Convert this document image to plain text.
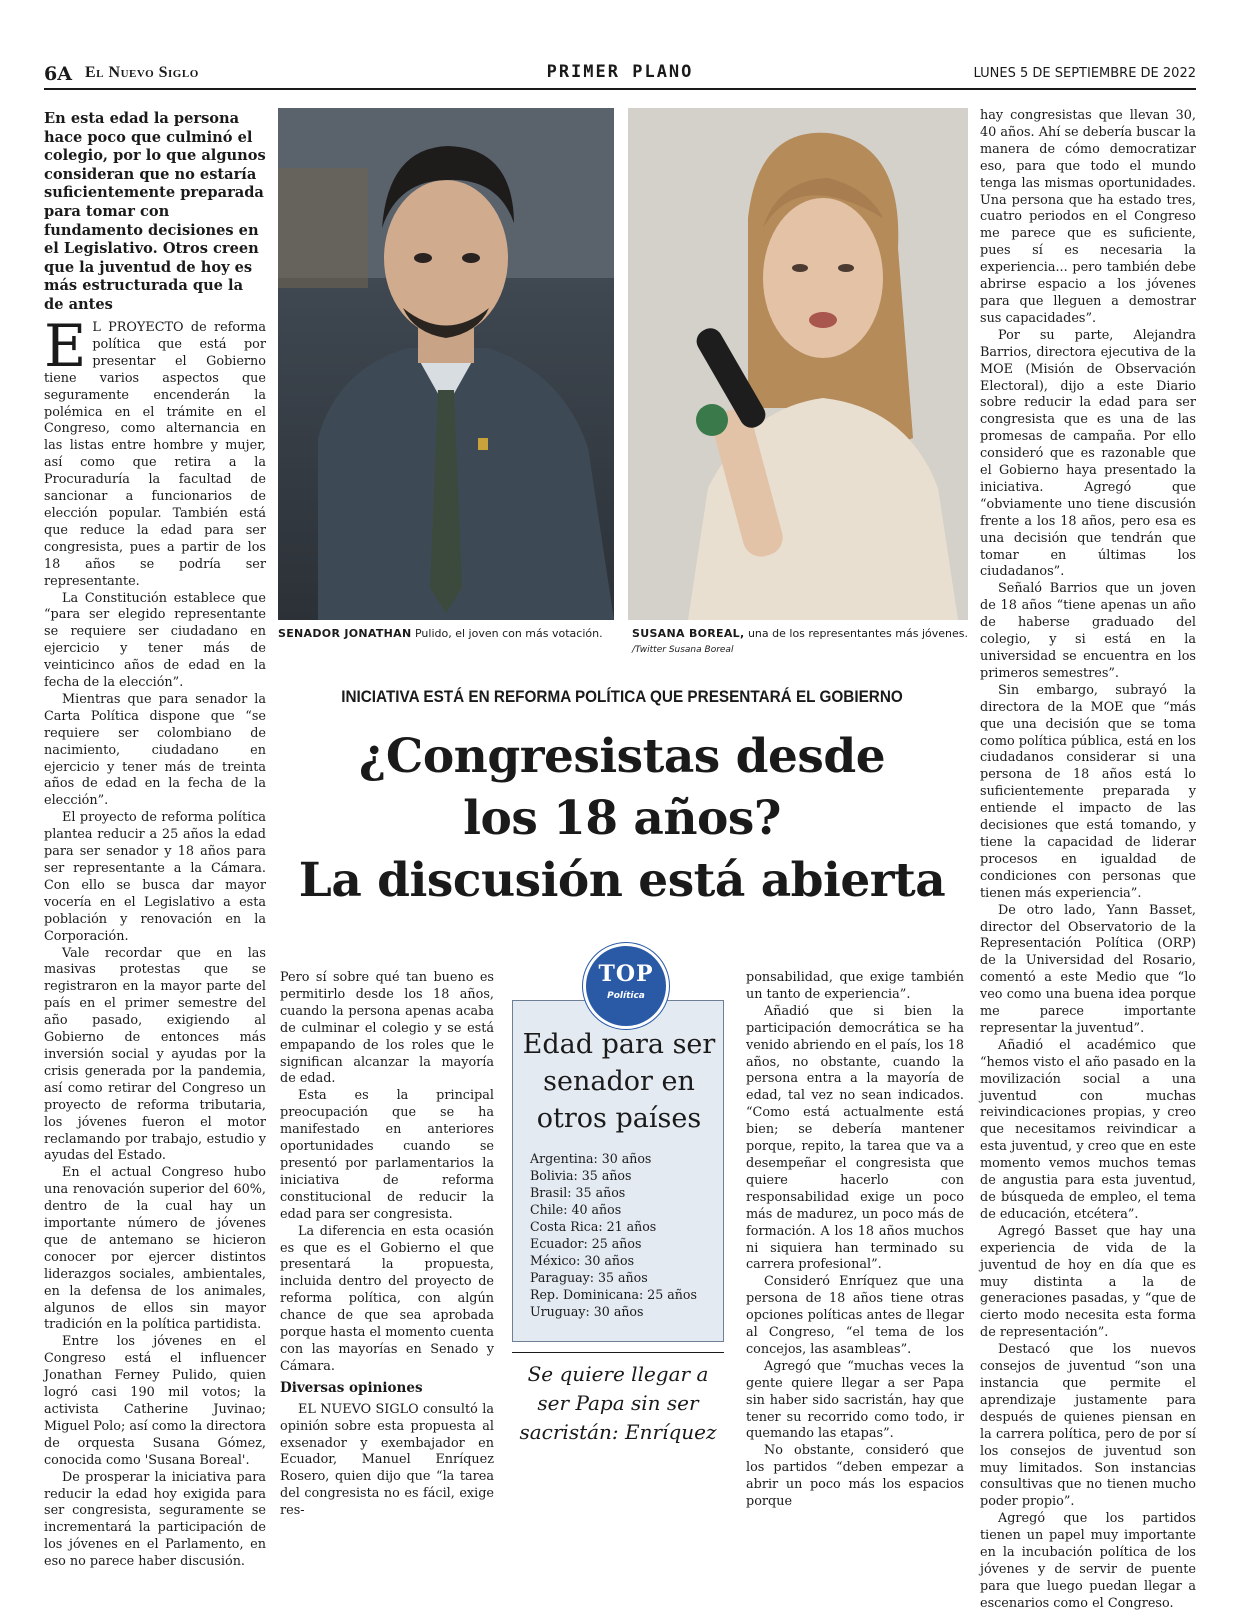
6A El Nuevo Siglo	PRIMER PLANO	LUNES 5 DE SEPTIEMBRE DE 2022
En esta edad la persona hace poco que culminó el colegio, por lo que algunos consideran que no estaría suficientemente preparada para tomar con fundamento decisiones en el Legislativo. Otros creen que la juventud de hoy es más estructurada que la de antes

E L PROYECTO de reforma política que está por presentar el Gobierno tiene varios aspectos que seguramente encenderán la polémica en el trámite en el Congreso, como alternancia en las listas entre hombre y mujer, así como que retira a la Procuraduría la facultad de sancionar a funcionarios de elección popular. También está que reduce la edad para ser congresista, pues a partir de los 18 años se podría ser representante.

La Constitución establece que “para ser elegido representante se requiere ser ciudadano en ejercicio y tener más de veinticinco años de edad en la fecha de la elección”.

Mientras que para senador la Carta Política dispone que “se requiere ser colombiano de nacimiento, ciudadano en ejercicio y tener más de treinta años de edad en la fecha de la elección”.

El proyecto de reforma política plantea reducir a 25 años la edad para ser senador y 18 años para ser representante a la Cámara. Con ello se busca dar mayor vocería en el Legislativo a esta población y renovación en la Corporación.

Vale recordar que en las masivas protestas que se registraron en la mayor parte del país en el primer semestre del año pasado, exigiendo al Gobierno de entonces más inversión social y ayudas por la crisis generada por la pandemia, así como retirar del Congreso un proyecto de reforma tributaria, los jóvenes fueron el motor reclamando por trabajo, estudio y ayudas del Estado.

En el actual Congreso hubo una renovación superior del 60%, dentro de la cual hay un importante número de jóvenes que de antemano se hicieron conocer por ejercer distintos liderazgos sociales, ambientales, en la defensa de los animales, algunos de ellos sin mayor tradición en la política partidista.

Entre los jóvenes en el Congreso está el influencer Jonathan Ferney Pulido, quien logró casi 190 mil votos; la activista Catherine Juvinao; Miguel Polo; así como la directora de orquesta Susana Gómez, conocida como 'Susana Boreal'.

De prosperar la iniciativa para reducir la edad hoy exigida para ser congresista, seguramente se incrementará la participación de los jóvenes en el Parlamento, en eso no parece haber discusión.

SENADOR JONATHAN Pulido, el joven con más votación.	SUSANA BOREAL, una de los representantes más jóvenes. /Twitter Susana Boreal
INICIATIVA ESTÁ EN REFORMA POLÍTICA QUE PRESENTARÁ EL GOBIERNO
¿Congresistas desde
los 18 años?
La discusión está abierta

Pero sí sobre qué tan bueno es permitirlo desde los 18 años, cuando la persona apenas acaba de culminar el colegio y se está empapando de los roles que le significan alcanzar la mayoría de edad.

Esta es la principal preocupación que se ha manifestado en anteriores oportunidades cuando se presentó por parlamentarios la iniciativa de reforma constitucional de reducir la edad para ser congresista.

La diferencia en esta ocasión es que es el Gobierno el que presentará la propuesta, incluida dentro del proyecto de reforma política, con algún chance de que sea aprobada porque hasta el momento cuenta con las mayorías en Senado y Cámara.

Diversas opiniones

EL NUEVO SIGLO consultó la opinión sobre esta propuesta al exsenador y exembajador en Ecuador, Manuel Enríquez Rosero, quien dijo que “la tarea del congresista no es fácil, exige res-

TOP
Política
Edad para ser senador en otros países
Argentina: 30 años
Bolivia: 35 años
Brasil: 35 años
Chile: 40 años
Costa Rica: 21 años
Ecuador: 25 años
México: 30 años
Paraguay: 35 años
Rep. Dominicana: 25 años
Uruguay: 30 años
Se quiere llegar a ser Papa sin ser sacristán: Enríquez

ponsabilidad, que exige también un tanto de experiencia”.

Añadió que si bien la participación democrática se ha venido abriendo en el país, los 18 años, no obstante, cuando la persona entra a la mayoría de edad, tal vez no sean indicados. “Como está actualmente está bien; se debería mantener porque, repito, la tarea que va a desempeñar el congresista que quiere hacerlo con responsabilidad exige un poco más de madurez, un poco más de formación. A los 18 años muchos ni siquiera han terminado su carrera profesional”.

Consideró Enríquez que una persona de 18 años tiene otras opciones políticas antes de llegar al Congreso, “el tema de los concejos, las asambleas”.

Agregó que “muchas veces la gente quiere llegar a ser Papa sin haber sido sacristán, hay que tener su recorrido como todo, ir quemando las etapas”.

No obstante, consideró que los partidos “deben empezar a abrir un poco más los espacios porque

hay congresistas que llevan 30, 40 años. Ahí se debería buscar la manera de cómo democratizar eso, para que todo el mundo tenga las mismas oportunidades. Una persona que ha estado tres, cuatro periodos en el Congreso me parece que es suficiente, pues sí es necesaria la experiencia... pero también debe abrirse espacio a los jóvenes para que lleguen a demostrar sus capacidades”.

Por su parte, Alejandra Barrios, directora ejecutiva de la MOE (Misión de Observación Electoral), dijo a este Diario sobre reducir la edad para ser congresista que es una de las promesas de campaña. Por ello consideró que es razonable que el Gobierno haya presentado la iniciativa. Agregó que “obviamente uno tiene discusión frente a los 18 años, pero esa es una decisión que tendrán que tomar en últimas los ciudadanos”.

Señaló Barrios que un joven de 18 años “tiene apenas un año de haberse graduado del colegio, y si está en la universidad se encuentra en los primeros semestres”.

Sin embargo, subrayó la directora de la MOE que “más que una decisión que se toma como política pública, está en los ciudadanos considerar si una persona de 18 años está lo suficientemente preparada y entiende el impacto de las decisiones que está tomando, y tiene la capacidad de liderar procesos en igualdad de condiciones con personas que tienen más experiencia”.

De otro lado, Yann Basset, director del Observatorio de la Representación Política (ORP) de la Universidad del Rosario, comentó a este Medio que “lo veo como una buena idea porque me parece importante representar la juventud”.

Añadió el académico que “hemos visto el año pasado en la movilización social a una juventud con muchas reivindicaciones propias, y creo que necesitamos reivindicar a esta juventud, y creo que en este momento vemos muchos temas de angustia para esta juventud, de búsqueda de empleo, el tema de educación, etcétera”.

Agregó Basset que hay una experiencia de vida de la juventud de hoy en día que es muy distinta a la de generaciones pasadas, y “que de cierto modo necesita esta forma de representación”.

Destacó que los nuevos consejos de juventud “son una instancia que permite el aprendizaje justamente para después de quienes piensan en la carrera política, pero de por sí los consejos de juventud son muy limitados. Son instancias consultivas que no tienen mucho poder propio”.

Agregó que los partidos tienen un papel muy importante en la incubación política de los jóvenes y de servir de puente para que luego puedan llegar a escenarios como el Congreso.
